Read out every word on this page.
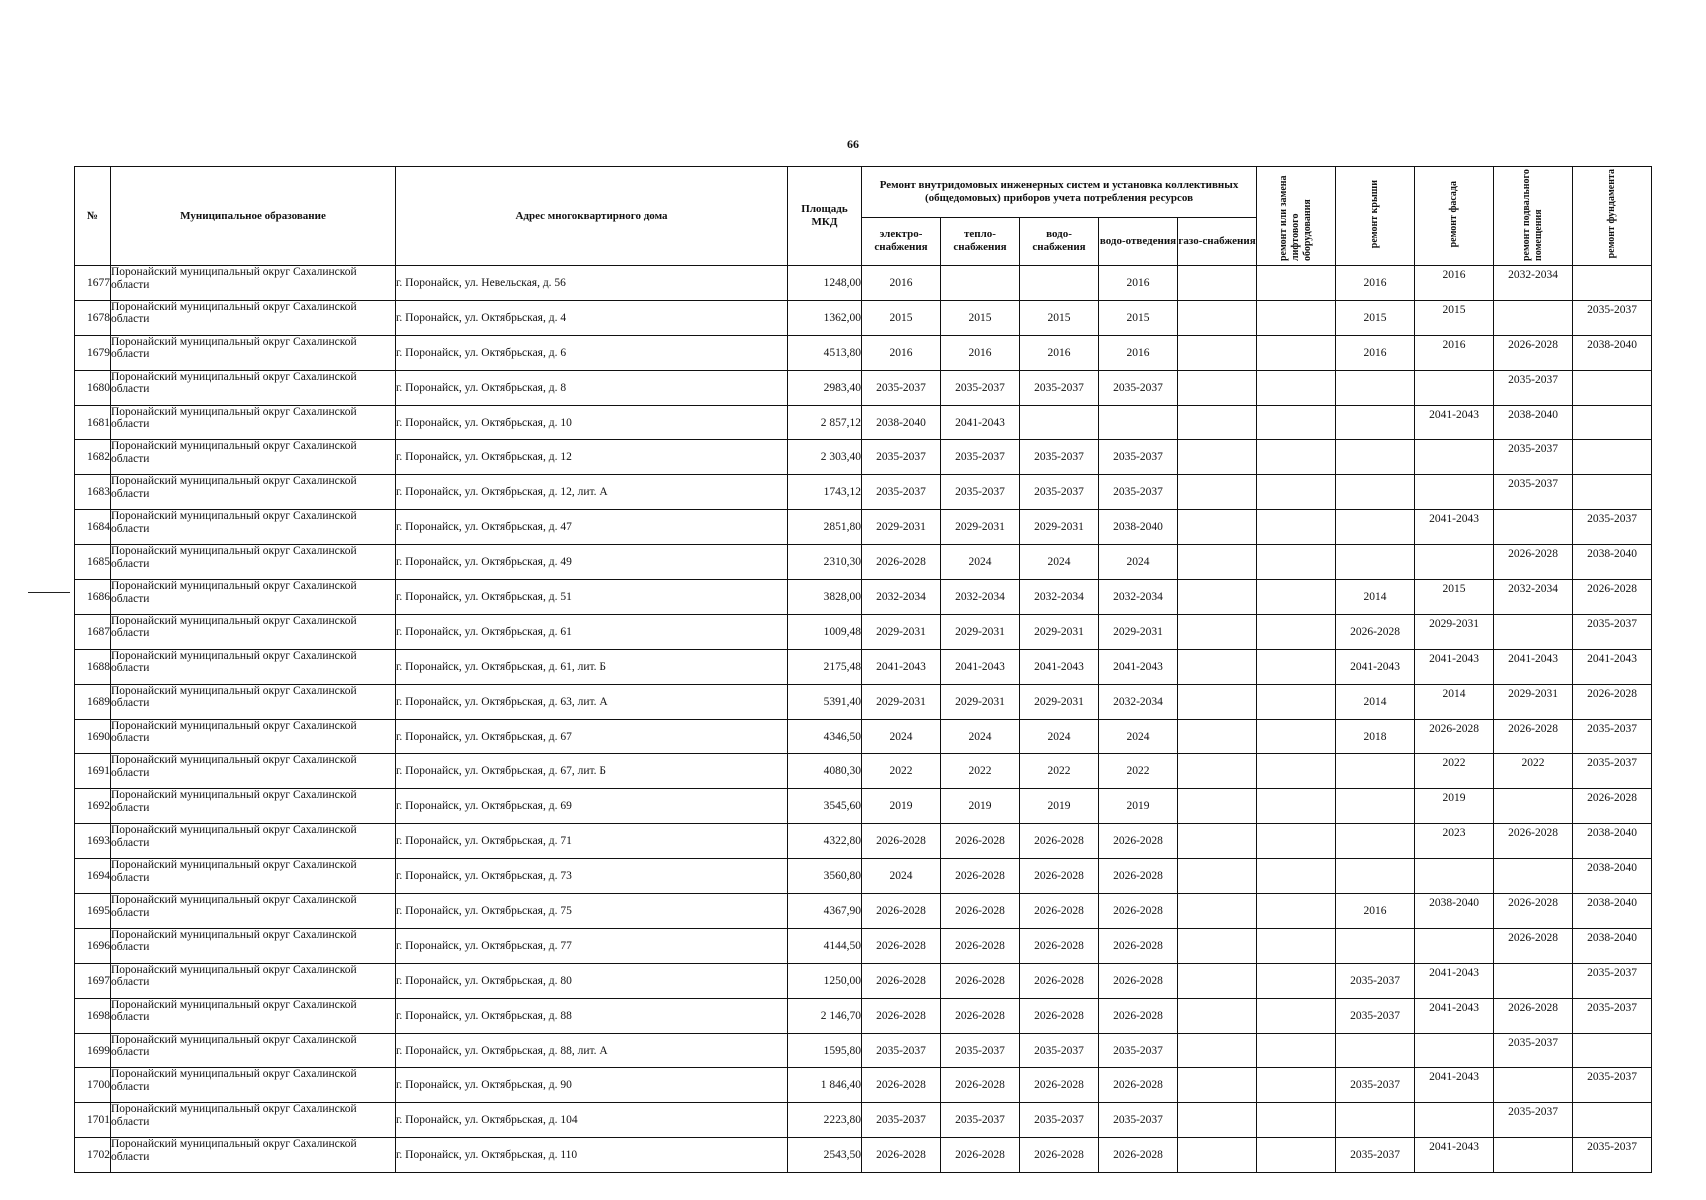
66
№	Муниципальное образование	Адрес многоквартирного дома	Площадь МКД	Ремонт внутридомовых инженерных систем и установка коллективных (общедомовых) приборов учета потребления ресурсов					ремонт или замена лифтового оборудования	ремонт крыши	ремонт фасада	ремонт подвального помещения	ремонт фундамента
				электро-снабжения	тепло-снабжения	водо-снабжения	водо-отведения	газо-снабжения					
1677	Поронайский муниципальный округ Сахалинской области	г. Поронайск, ул. Невельская, д. 56	1248,00	2016			2016			2016	2016	2032-2034	
1678	Поронайский муниципальный округ Сахалинской области	г. Поронайск, ул. Октябрьская, д. 4	1362,00	2015	2015	2015	2015			2015	2015		2035-2037
1679	Поронайский муниципальный округ Сахалинской области	г. Поронайск, ул. Октябрьская, д. 6	4513,80	2016	2016	2016	2016			2016	2016	2026-2028	2038-2040
1680	Поронайский муниципальный округ Сахалинской области	г. Поронайск, ул. Октябрьская, д. 8	2983,40	2035-2037	2035-2037	2035-2037	2035-2037					2035-2037	
1681	Поронайский муниципальный округ Сахалинской области	г. Поронайск, ул. Октябрьская, д. 10	2 857,12	2038-2040	2041-2043						2041-2043	2038-2040	
1682	Поронайский муниципальный округ Сахалинской области	г. Поронайск, ул. Октябрьская, д. 12	2 303,40	2035-2037	2035-2037	2035-2037	2035-2037					2035-2037	
1683	Поронайский муниципальный округ Сахалинской области	г. Поронайск, ул. Октябрьская, д. 12, лит. А	1743,12	2035-2037	2035-2037	2035-2037	2035-2037					2035-2037	
1684	Поронайский муниципальный округ Сахалинской области	г. Поронайск, ул. Октябрьская, д. 47	2851,80	2029-2031	2029-2031	2029-2031	2038-2040				2041-2043		2035-2037
1685	Поронайский муниципальный округ Сахалинской области	г. Поронайск, ул. Октябрьская, д. 49	2310,30	2026-2028	2024	2024	2024					2026-2028	2038-2040
1686	Поронайский муниципальный округ Сахалинской области	г. Поронайск, ул. Октябрьская, д. 51	3828,00	2032-2034	2032-2034	2032-2034	2032-2034			2014	2015	2032-2034	2026-2028
1687	Поронайский муниципальный округ Сахалинской области	г. Поронайск, ул. Октябрьская, д. 61	1009,48	2029-2031	2029-2031	2029-2031	2029-2031			2026-2028	2029-2031		2035-2037
1688	Поронайский муниципальный округ Сахалинской области	г. Поронайск, ул. Октябрьская, д. 61, лит. Б	2175,48	2041-2043	2041-2043	2041-2043	2041-2043			2041-2043	2041-2043	2041-2043	2041-2043
1689	Поронайский муниципальный округ Сахалинской области	г. Поронайск, ул. Октябрьская, д. 63, лит. А	5391,40	2029-2031	2029-2031	2029-2031	2032-2034			2014	2014	2029-2031	2026-2028
1690	Поронайский муниципальный округ Сахалинской области	г. Поронайск, ул. Октябрьская, д. 67	4346,50	2024	2024	2024	2024			2018	2026-2028	2026-2028	2035-2037
1691	Поронайский муниципальный округ Сахалинской области	г. Поронайск, ул. Октябрьская, д. 67, лит. Б	4080,30	2022	2022	2022	2022				2022	2022	2035-2037
1692	Поронайский муниципальный округ Сахалинской области	г. Поронайск, ул. Октябрьская, д. 69	3545,60	2019	2019	2019	2019				2019		2026-2028
1693	Поронайский муниципальный округ Сахалинской области	г. Поронайск, ул. Октябрьская, д. 71	4322,80	2026-2028	2026-2028	2026-2028	2026-2028				2023	2026-2028	2038-2040
1694	Поронайский муниципальный округ Сахалинской области	г. Поронайск, ул. Октябрьская, д. 73	3560,80	2024	2026-2028	2026-2028	2026-2028						2038-2040
1695	Поронайский муниципальный округ Сахалинской области	г. Поронайск, ул. Октябрьская, д. 75	4367,90	2026-2028	2026-2028	2026-2028	2026-2028			2016	2038-2040	2026-2028	2038-2040
1696	Поронайский муниципальный округ Сахалинской области	г. Поронайск, ул. Октябрьская, д. 77	4144,50	2026-2028	2026-2028	2026-2028	2026-2028					2026-2028	2038-2040
1697	Поронайский муниципальный округ Сахалинской области	г. Поронайск, ул. Октябрьская, д. 80	1250,00	2026-2028	2026-2028	2026-2028	2026-2028			2035-2037	2041-2043		2035-2037
1698	Поронайский муниципальный округ Сахалинской области	г. Поронайск, ул. Октябрьская, д. 88	2 146,70	2026-2028	2026-2028	2026-2028	2026-2028			2035-2037	2041-2043	2026-2028	2035-2037
1699	Поронайский муниципальный округ Сахалинской области	г. Поронайск, ул. Октябрьская, д. 88, лит. А	1595,80	2035-2037	2035-2037	2035-2037	2035-2037					2035-2037	
1700	Поронайский муниципальный округ Сахалинской области	г. Поронайск, ул. Октябрьская, д. 90	1 846,40	2026-2028	2026-2028	2026-2028	2026-2028			2035-2037	2041-2043		2035-2037
1701	Поронайский муниципальный округ Сахалинской области	г. Поронайск, ул. Октябрьская, д. 104	2223,80	2035-2037	2035-2037	2035-2037	2035-2037					2035-2037	
1702	Поронайский муниципальный округ Сахалинской области	г. Поронайск, ул. Октябрьская, д. 110	2543,50	2026-2028	2026-2028	2026-2028	2026-2028			2035-2037	2041-2043		2035-2037
